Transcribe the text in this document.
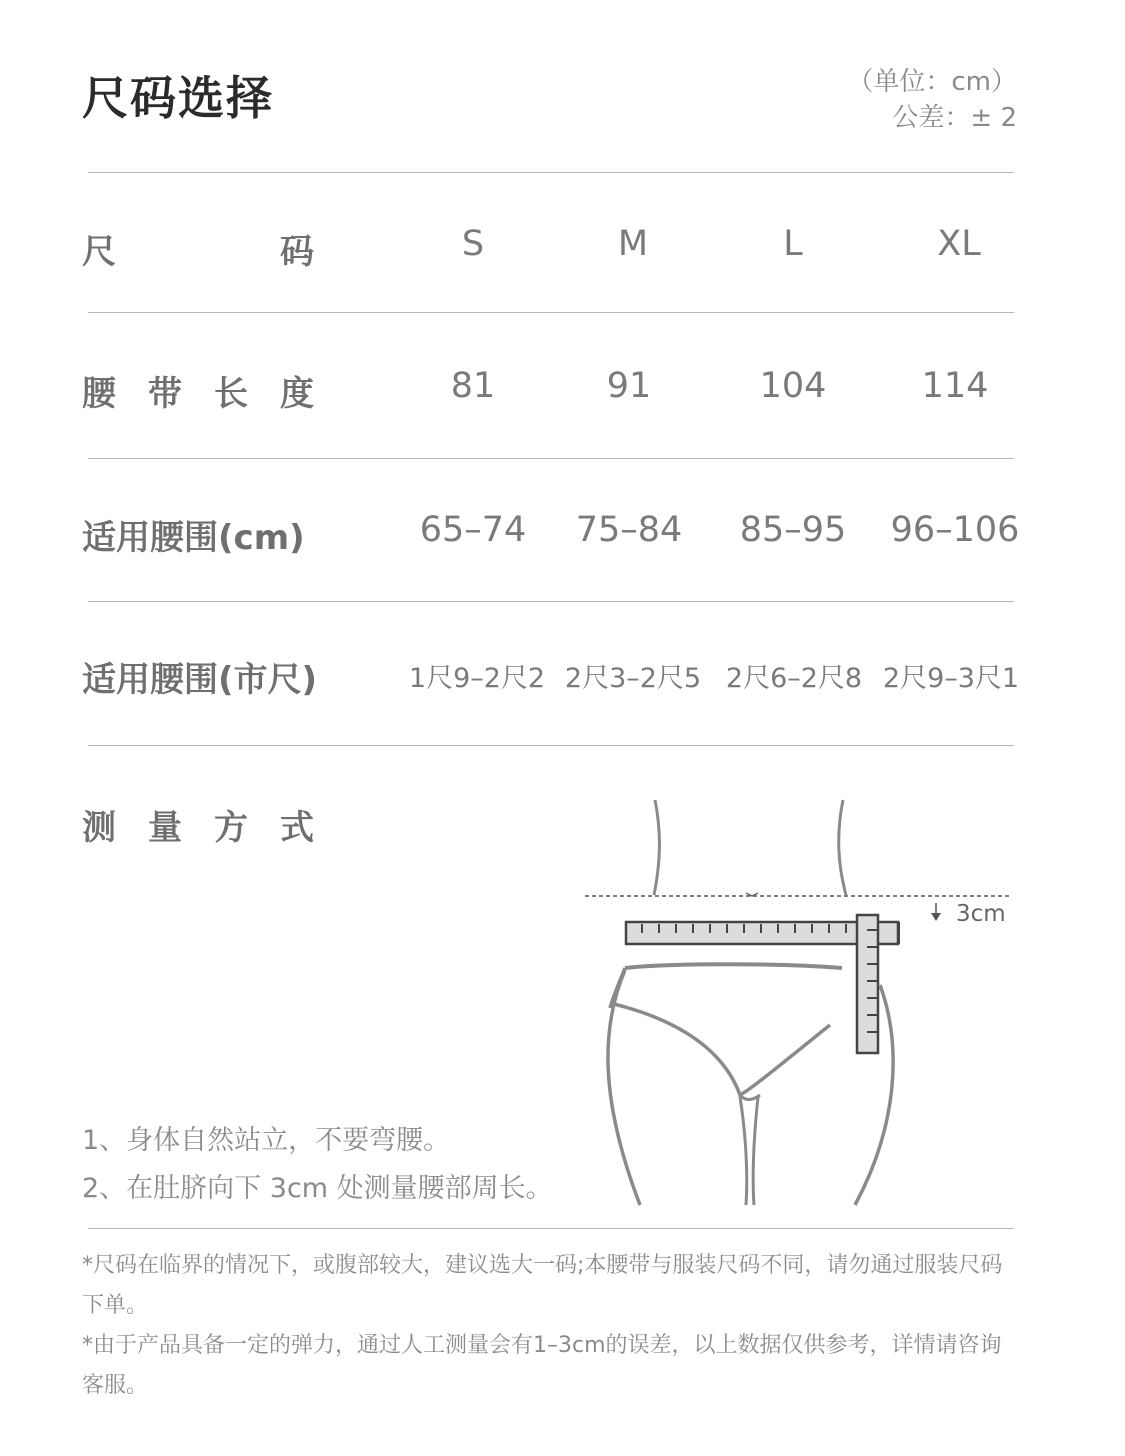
尺码选择	（单位：cm）
公差：± 2
尺	码	S	M	L	XL
腰 带 长 度	81	91	104	114
适用腰围(cm)	65–74	75–84	85–95	96–106
适用腰围(市尺)	1尺9–2尺2 2尺3–2尺5 2尺6–2尺8 2尺9–3尺1
测 量 方 式
3cm
1、身体自然站立，不要弯腰。
2、在肚脐向下 3cm 处测量腰部周长。
*尺码在临界的情况下，或腹部较大，建议选大一码;本腰带与服装尺码不同，请勿通过服装尺码下单。
*由于产品具备一定的弹力，通过人工测量会有1–3cm的误差，以上数据仅供参考，详情请咨询客服。
